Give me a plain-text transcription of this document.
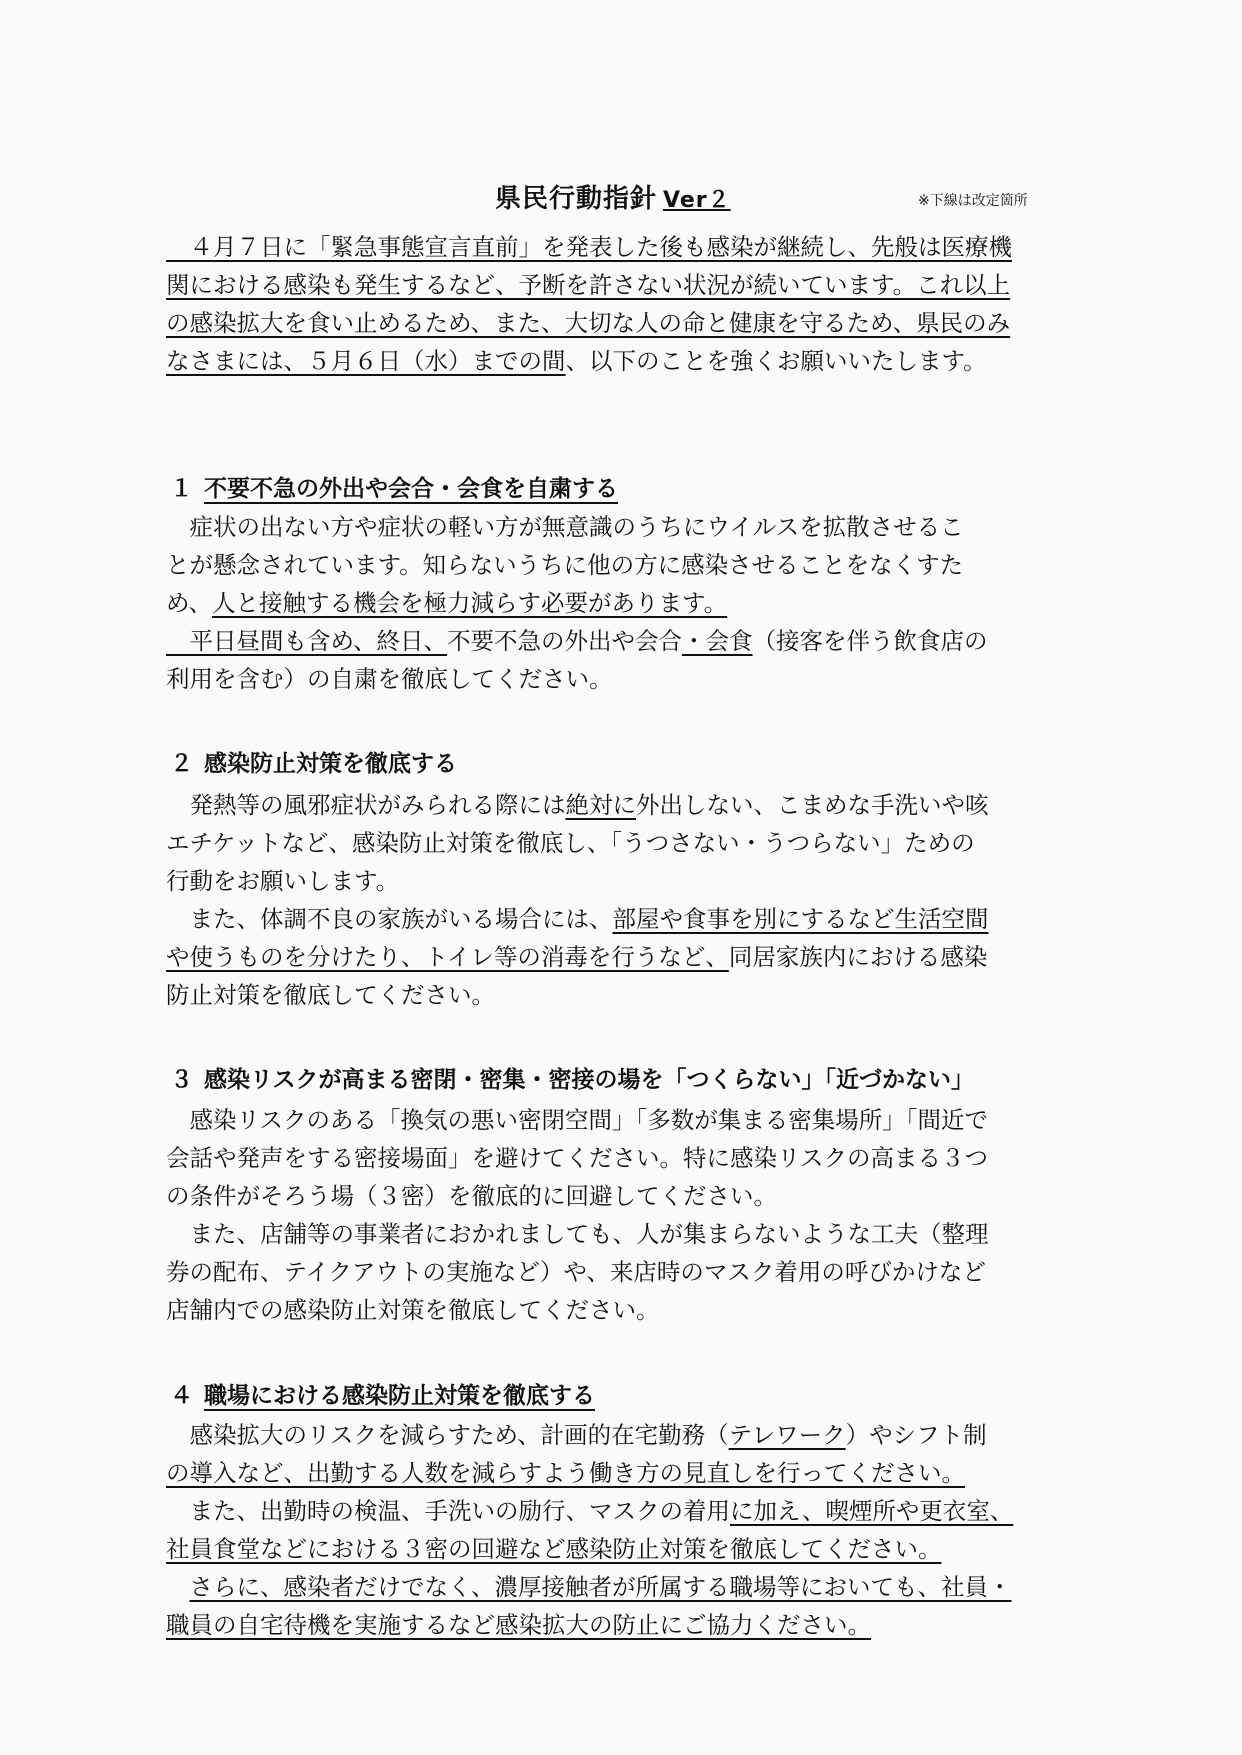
県民行動指針 Ver２	※下線は改定箇所
　４月７日に「緊急事態宣言直前」を発表した後も感染が継続し、先般は医療機
関における感染も発生するなど、予断を許さない状況が続いています。これ以上
の感染拡大を食い止めるため、また、大切な人の命と健康を守るため、県民のみ
なさまには、５月６日（水）までの間、以下のことを強くお願いいたします。
１ 不要不急の外出や会合・会食を自粛する
　症状の出ない方や症状の軽い方が無意識のうちにウイルスを拡散させるこ
とが懸念されています。知らないうちに他の方に感染させることをなくすた
め、人と接触する機会を極力減らす必要があります。
　平日昼間も含め、終日、不要不急の外出や会合・会食（接客を伴う飲食店の
利用を含む）の自粛を徹底してください。
２ 感染防止対策を徹底する
　発熱等の風邪症状がみられる際には絶対に外出しない、こまめな手洗いや咳
エチケットなど、感染防止対策を徹底し、「うつさない・うつらない」ための
行動をお願いします。
　また、体調不良の家族がいる場合には、部屋や食事を別にするなど生活空間
や使うものを分けたり、トイレ等の消毒を行うなど、同居家族内における感染
防止対策を徹底してください。
３ 感染リスクが高まる密閉・密集・密接の場を「つくらない」「近づかない」
　感染リスクのある「換気の悪い密閉空間」「多数が集まる密集場所」「間近で
会話や発声をする密接場面」を避けてください。特に感染リスクの高まる３つ
の条件がそろう場（３密）を徹底的に回避してください。
　また、店舗等の事業者におかれましても、人が集まらないような工夫（整理
券の配布、テイクアウトの実施など）や、来店時のマスク着用の呼びかけなど
店舗内での感染防止対策を徹底してください。
４ 職場における感染防止対策を徹底する
　感染拡大のリスクを減らすため、計画的在宅勤務（テレワーク）やシフト制
の導入など、出勤する人数を減らすよう働き方の見直しを行ってください。
　また、出勤時の検温、手洗いの励行、マスクの着用に加え、喫煙所や更衣室、
社員食堂などにおける３密の回避など感染防止対策を徹底してください。
　さらに、感染者だけでなく、濃厚接触者が所属する職場等においても、社員・
職員の自宅待機を実施するなど感染拡大の防止にご協力ください。
